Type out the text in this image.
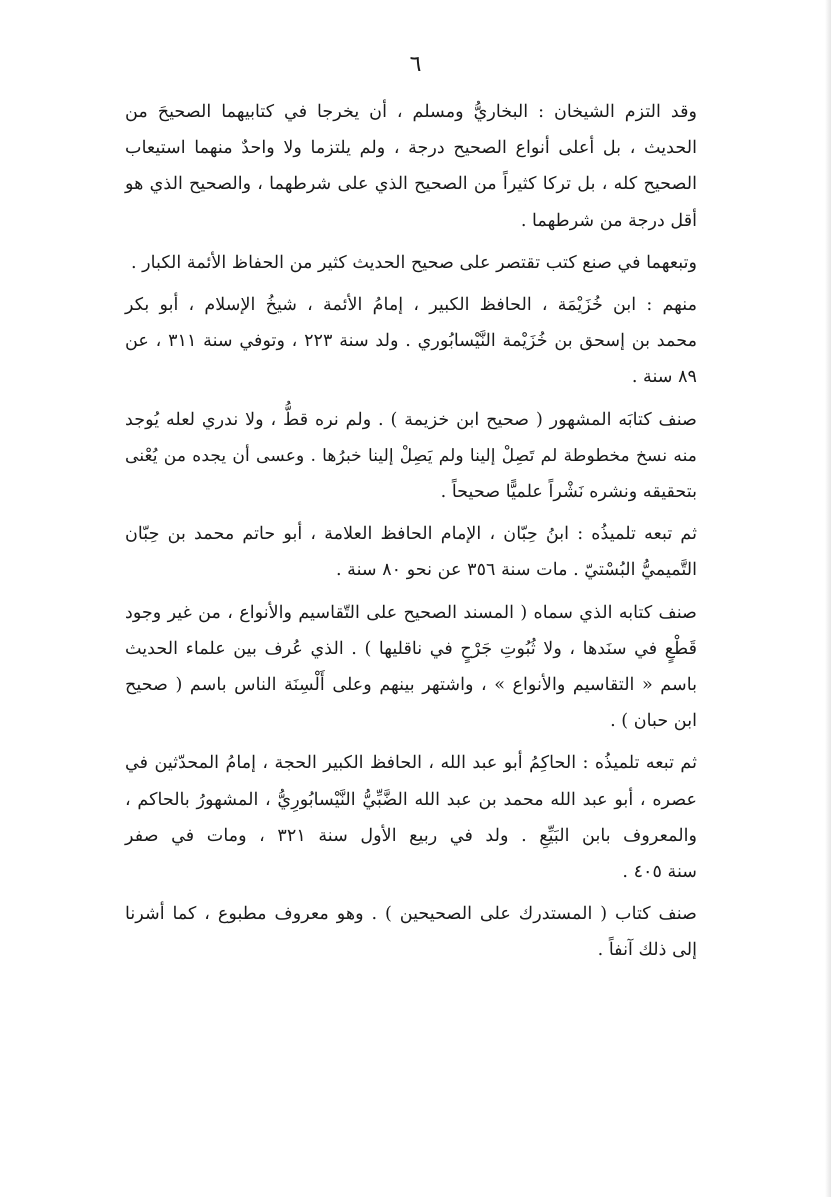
٦

وقد التزم الشيخان : البخاريُّ ومسلم ، أن يخرجا في كتابيهما الصحيحَ من
الحديث ، بل أعلى أنواع الصحيح درجة ، ولم يلتزما ولا واحدٌ منهما استيعاب
الصحيح كله ، بل تركا كثيراً من الصحيح الذي على شرطهما ، والصحيح الذي هو
أقل درجة من شرطهما .

وتبعهما في صنع كتب تقتصر على صحيح الحديث كثير من الحفاظ الأئمة الكبار .

منهم : ابن خُزَيْمَة ، الحافظ الكبير ، إمامُ الأئمة ، شيخُ الإسلام ، أبو بكر
محمد بن إسحق بن خُزَيْمة النَّيْسابُوري . ولد سنة ٢٢٣ ، وتوفي سنة ٣١١ ، عن
٨٩ سنة .

صنف كتابَه المشهور ( صحيح ابن خزيمة ) . ولم نره قطُّ ، ولا ندري لعله يُوجد
منه نسخ مخطوطة لم تَصِلْ إلينا ولم يَصِلْ إلينا خبرُها . وعسى أن يجده من يُعْنى
بتحقيقه ونشره نَشْراً علميًّا صحيحاً .

ثم تبعه تلميذُه : ابنُ حِبّان ، الإمام الحافظ العلامة ، أبو حاتم محمد بن حِبّان
التَّميميُّ البُسْتيّ . مات سنة ٣٥٦ عن نحو ٨٠ سنة .

صنف كتابه الذي سماه ( المسند الصحيح على التّقاسيم والأنواع ، من غير وجود
قَطْعٍ في سنَدها ، ولا ثُبُوتِ جَرْحٍ في ناقليها ) . الذي عُرف بين علماء الحديث
باسم « التقاسيم والأنواع » ، واشتهر بينهم وعلى أَلْسِنَة الناس باسم ( صحيح
ابن حبان ) .

ثم تبعه تلميذُه : الحاكِمُ أبو عبد الله ، الحافظ الكبير الحجة ، إمامُ المحدّثين في
عصره ، أبو عبد الله محمد بن عبد الله الضَّبِّيُّ النَّيْسابُورِيُّ ، المشهورُ بالحاكم ،
والمعروف بابن البَيِّعِ . ولد في ربيع الأول سنة ٣٢١ ، ومات في صفر
سنة ٤٠٥ .

صنف كتاب ( المستدرك على الصحيحين ) . وهو معروف مطبوع ، كما أشرنا
إلى ذلك آنفاً .
